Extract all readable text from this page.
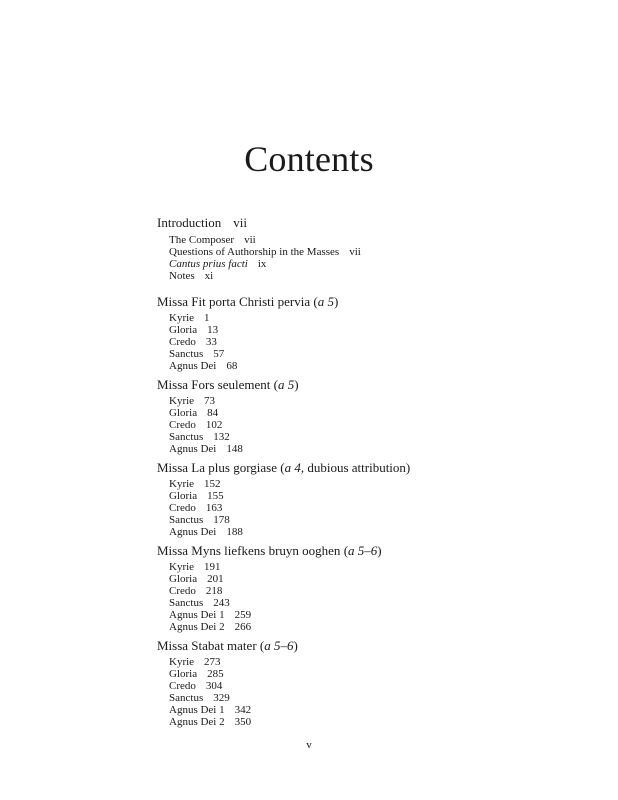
Contents
Introduction vii
The Composer vii
Questions of Authorship in the Masses vii
Cantus prius facti ix
Notes xi
Missa Fit porta Christi pervia (a 5)
Kyrie 1
Gloria 13
Credo 33
Sanctus 57
Agnus Dei 68
Missa Fors seulement (a 5)
Kyrie 73
Gloria 84
Credo 102
Sanctus 132
Agnus Dei 148
Missa La plus gorgiase (a 4, dubious attribution)
Kyrie 152
Gloria 155
Credo 163
Sanctus 178
Agnus Dei 188
Missa Myns liefkens bruyn ooghen (a 5–6)
Kyrie 191
Gloria 201
Credo 218
Sanctus 243
Agnus Dei 1 259
Agnus Dei 2 266
Missa Stabat mater (a 5–6)
Kyrie 273
Gloria 285
Credo 304
Sanctus 329
Agnus Dei 1 342
Agnus Dei 2 350
v
